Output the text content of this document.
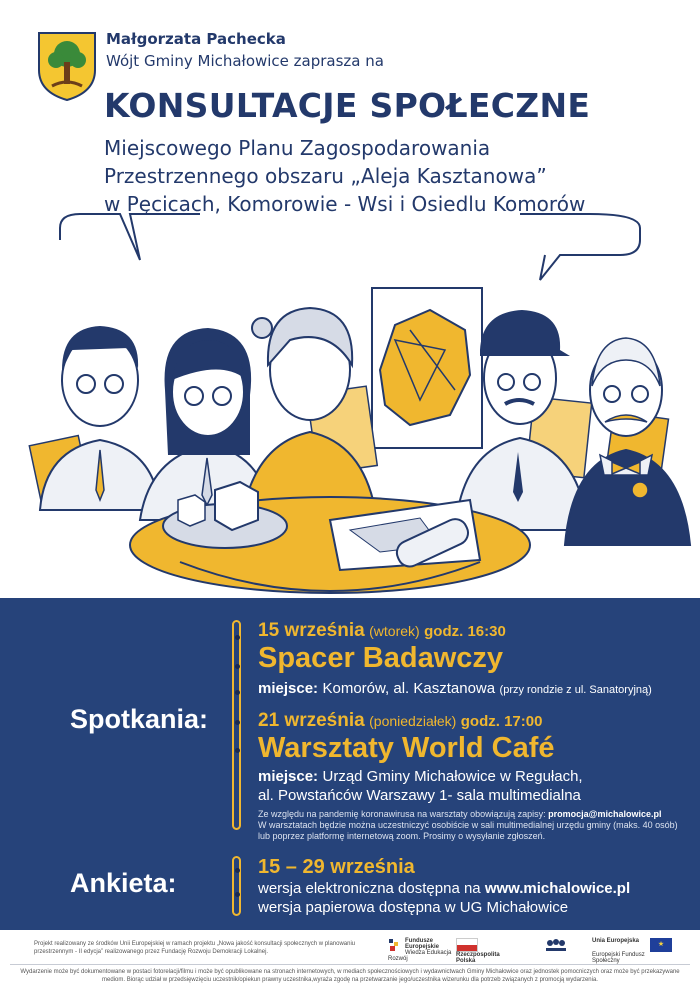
Małgorzata Pachecka
Wójt Gminy Michałowice zaprasza na
KONSULTACJE SPOŁECZNE
Miejscowego Planu Zagospodarowania
Przestrzennego obszaru „Aleja Kasztanowa”
w Pęcicach, Komorowie - Wsi i Osiedlu Komorów
Spotkania:
Ankieta:
15 września (wtorek) godz. 16:30
Spacer Badawczy
miejsce: Komorów, al. Kasztanowa (przy rondzie z ul. Sanatoryjną)
21 września (poniedziałek) godz. 17:00
Warsztaty World Café
miejsce: Urząd Gminy Michałowice w Regułach,
al. Powstańców Warszawy 1- sala multimedialna
Ze względu na pandemię koronawirusa na warsztaty obowiązują zapisy: promocja@michalowice.pl
W warsztatach będzie można uczestniczyć osobiście w sali multimedialnej urzędu gminy (maks. 40 osób)
lub poprzez platformę internetową zoom. Prosimy o wysyłanie zgłoszeń.
15 – 29 września
wersja elektroniczna dostępna na www.michalowice.pl
wersja papierowa dostępna w UG Michałowice
Projekt realizowany ze środków Unii Europejskiej w ramach projektu „Nowa jakość konsultacji społecznych w planowaniu przestrzennym - II edycja” realizowanego przez Fundację Rozwoju Demokracji Lokalnej.
Fundusze Europejskie
Wiedza Edukacja Rozwój
Rzeczpospolita Polska
Unia Europejska	★
Europejski Fundusz Społeczny
Wydarzenie może być dokumentowane w postaci fotorelacji/filmu i może być opublikowane na stronach internetowych, w mediach społecznościowych i wydawnictwach Gminy Michałowice oraz jednostek pomocniczych oraz może być przekazywane mediom. Biorąc udział w przedsięwzięciu uczestnik/opiekun prawny uczestnika,wyraża zgodę na przetwarzanie jego/uczestnika wizerunku dla potrzeb związanych z promocją wydarzenia.
